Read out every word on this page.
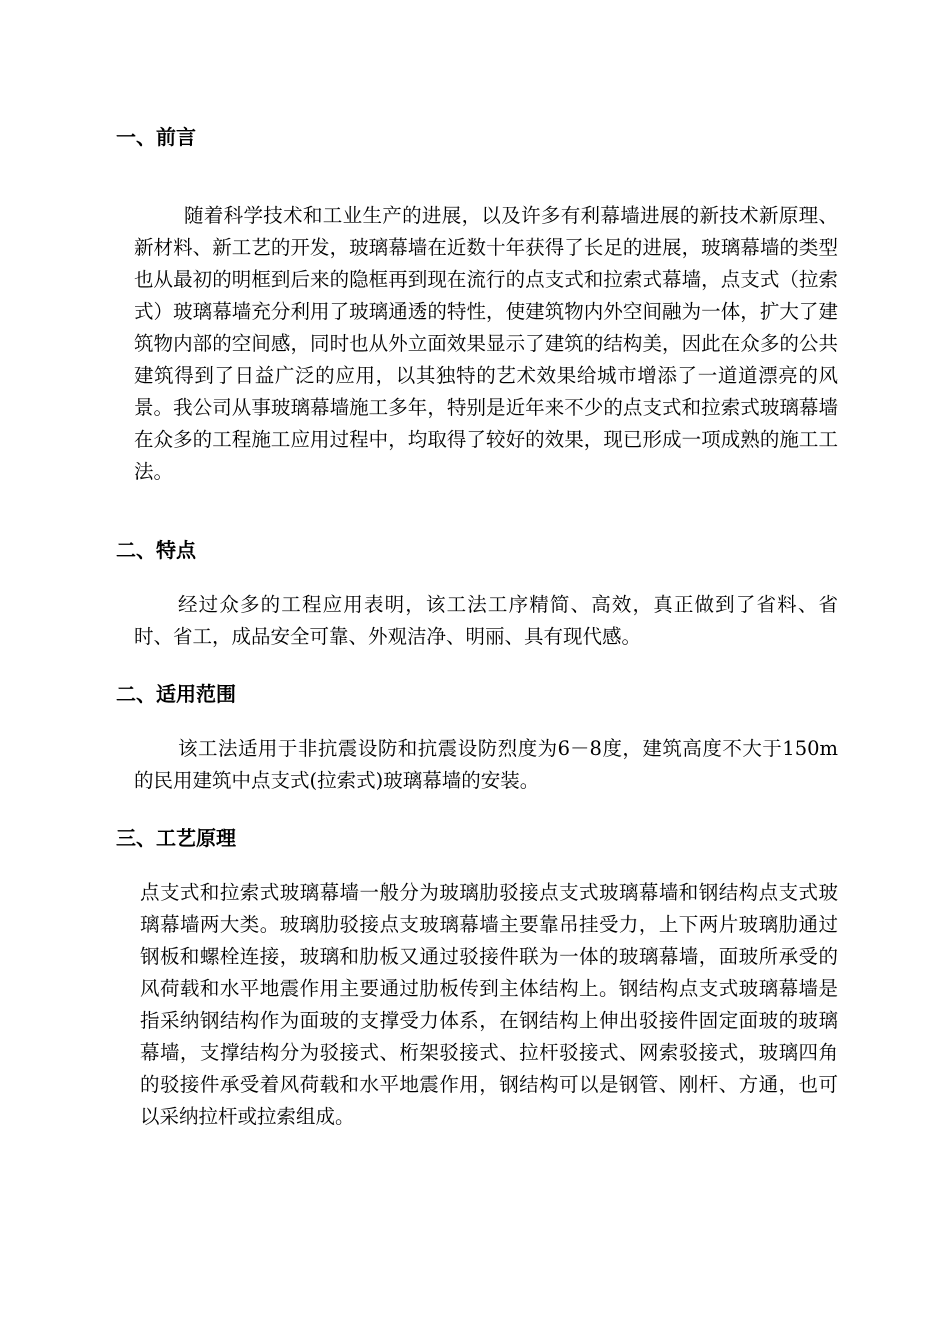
一、前言

随着科学技术和工业生产的进展，以及许多有利幕墙进展的新技术新原理、新材料、新工艺的开发，玻璃幕墙在近数十年获得了长足的进展，玻璃幕墙的类型也从最初的明框到后来的隐框再到现在流行的点支式和拉索式幕墙，点支式（拉索式）玻璃幕墙充分利用了玻璃通透的特性，使建筑物内外空间融为一体，扩大了建筑物内部的空间感，同时也从外立面效果显示了建筑的结构美，因此在众多的公共建筑得到了日益广泛的应用，以其独特的艺术效果给城市增添了一道道漂亮的风景。我公司从事玻璃幕墙施工多年，特别是近年来不少的点支式和拉索式玻璃幕墙在众多的工程施工应用过程中，均取得了较好的效果，现已形成一项成熟的施工工法。

二、特点

经过众多的工程应用表明，该工法工序精简、高效，真正做到了省料、省时、省工，成品安全可靠、外观洁净、明丽、具有现代感。

二、适用范围

该工法适用于非抗震设防和抗震设防烈度为6－8度，建筑高度不大于150m的民用建筑中点支式(拉索式)玻璃幕墙的安装。

三、工艺原理

点支式和拉索式玻璃幕墙一般分为玻璃肋驳接点支式玻璃幕墙和钢结构点支式玻璃幕墙两大类。玻璃肋驳接点支玻璃幕墙主要靠吊挂受力，上下两片玻璃肋通过钢板和螺栓连接，玻璃和肋板又通过驳接件联为一体的玻璃幕墙，面玻所承受的风荷载和水平地震作用主要通过肋板传到主体结构上。钢结构点支式玻璃幕墙是指采纳钢结构作为面玻的支撑受力体系，在钢结构上伸出驳接件固定面玻的玻璃幕墙，支撑结构分为驳接式、桁架驳接式、拉杆驳接式、网索驳接式，玻璃四角的驳接件承受着风荷载和水平地震作用，钢结构可以是钢管、刚杆、方通，也可以采纳拉杆或拉索组成。
